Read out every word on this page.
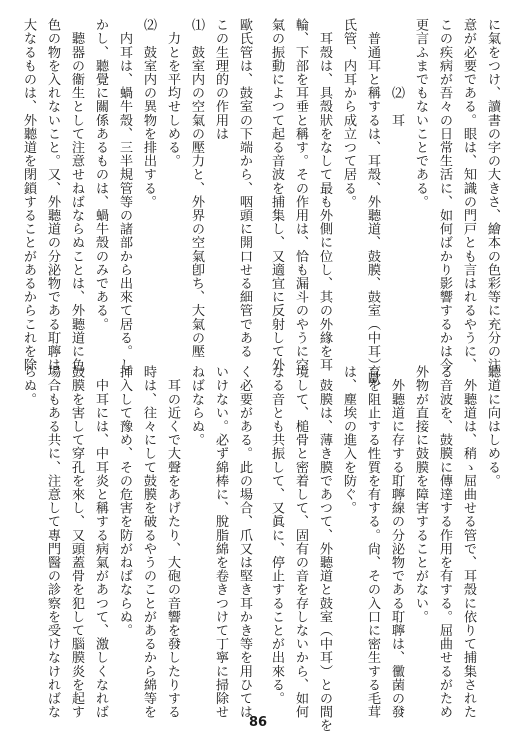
に氣をつけ、讀書の字の大きさ、繪本の色彩等に充分の注
意が必要である。眼は、知識の門戸とも言はれるやうに、
この疾病が吾々の日常生活に、如何ばかり影響するかは今
更言ふまでもないことである。
　　　　　⑵　耳
　普通耳と稱するは、耳殼、外聽道、鼓膜、鼓室（中耳）歐
氏管、内耳から成立つて居る。
　耳殼は、具殼狀をなして最も外側に位し、其の外緣を耳
輪、下部を耳垂と稱す。その作用は、恰も漏斗のやうに空
氣の振動によつて起る音波を捕集し、又適宜に反射して外
聽道に向はしめる。
　外聽道は、稍ゝ屈曲せる管で、耳殼に依りて捕集された
る音波を、鼓膜に傳達する作用を有する。屈曲せるがため
外物が直接に鼓膜を障害することがない。
　外聽道に存する耵聹線の分泌物である耵聹は、黴菌の發
育を阻止する性質を有する。尙、その入口に密生する毛茸
は、塵埃の進入を防ぐ。
　鼓膜は、薄き膜であつて、外聽道と鼓室（中耳）との間を
境して、槌骨と密着して、固有の音を存しないから、如何
なる音とも共振して、又眞に、停止することが出來る。
歐氏管は、鼓室の下端から、咽頭に開口せる細管である
この生理的の作用は
⑴　鼓室内の空氣の壓力と、外界の空氣卽ち、大氣の壓
　力とを平均せしめる。
⑵　鼓室内の異物を排出する。
　内耳は、蝸牛殼、三半規管等の諸部から出來て居る。し
かし、聽覺に關係あるものは、蝸牛殼のみである。
　聽器の衞生として注意せねばならぬことは、外聽道に色
色の物を入れないこと。又、外聽道の分泌物である耵聹は
大なるものは、外聽道を閉鎖することがあるからこれを除
く必要がある。此の場合、爪又は堅き耳かき等を用ひては
いけない。必ず綿棒に、脫脂綿を卷きつけて丁寧に掃除せ
ねばならぬ。
　耳の近くで大聲をあげたり、大砲の音響を發したりする
時は、往々にして鼓膜を破るやうのことがあるから綿等を
挿入して豫め、その危害を防がねばならぬ。
　中耳には、中耳炎と稱する病氣があつて、激しくなれば
鼓膜を害して穿孔を來し、又頭蓋骨を犯して腦膜炎を起す
場合もある共に、注意して專門醫の診察を受けなければな
らぬ。
86
